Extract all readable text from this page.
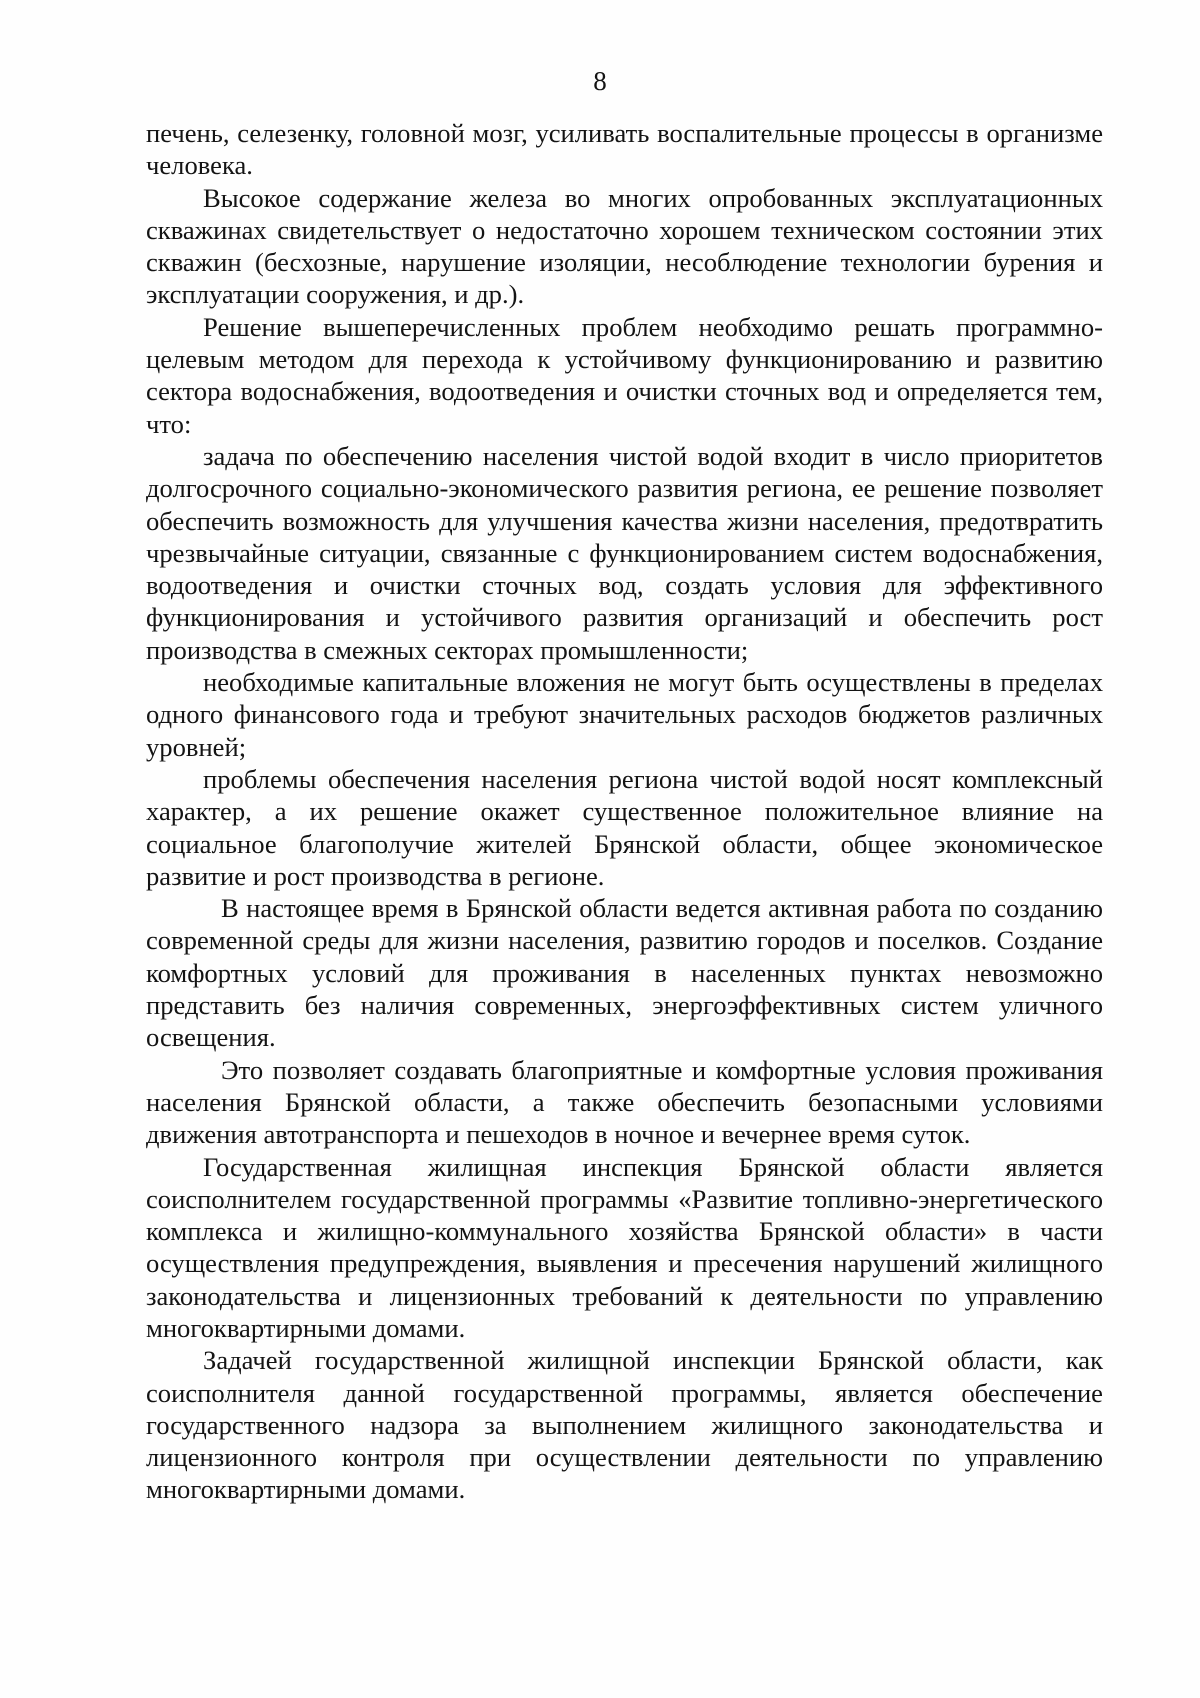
8

печень, селезенку, головной мозг, усиливать воспалительные процессы в организме человека.

Высокое содержание железа во многих опробованных эксплуатационных скважинах свидетельствует о недостаточно хорошем техническом состоянии этих скважин (бесхозные, нарушение изоляции, несоблюдение технологии бурения и эксплуатации сооружения, и др.).

Решение вышеперечисленных проблем необходимо решать программно-целевым методом для перехода к устойчивому функционированию и развитию сектора водоснабжения, водоотведения и очистки сточных вод и определяется тем, что:

задача по обеспечению населения чистой водой входит в число приоритетов долгосрочного социально-экономического развития региона, ее решение позволяет обеспечить возможность для улучшения качества жизни населения, предотвратить чрезвычайные ситуации, связанные с функционированием систем водоснабжения, водоотведения и очистки сточных вод, создать условия для эффективного функционирования и устойчивого развития организаций и обеспечить рост производства в смежных секторах промышленности;

необходимые капитальные вложения не могут быть осуществлены в пределах одного финансового года и требуют значительных расходов бюджетов различных уровней;

проблемы обеспечения населения региона чистой водой носят комплексный характер, а их решение окажет существенное положительное влияние на социальное благополучие жителей Брянской области, общее экономическое развитие и рост производства в регионе.

В настоящее время в Брянской области ведется активная работа по созданию современной среды для жизни населения, развитию городов и поселков. Создание комфортных условий для проживания в населенных пунктах невозможно представить без наличия современных, энергоэффективных систем уличного освещения.

Это позволяет создавать благоприятные и комфортные условия проживания населения Брянской области, а также обеспечить безопасными условиями движения автотранспорта и пешеходов в ночное и вечернее время суток.

Государственная жилищная инспекция Брянской области является соисполнителем государственной программы «Развитие топливно-энергетического комплекса и жилищно-коммунального хозяйства Брянской области» в части осуществления предупреждения, выявления и пресечения нарушений жилищного законодательства и лицензионных требований к деятельности по управлению многоквартирными домами.

Задачей государственной жилищной инспекции Брянской области, как соисполнителя данной государственной программы, является обеспечение государственного надзора за выполнением жилищного законодательства и лицензионного контроля при осуществлении деятельности по управлению многоквартирными домами.
